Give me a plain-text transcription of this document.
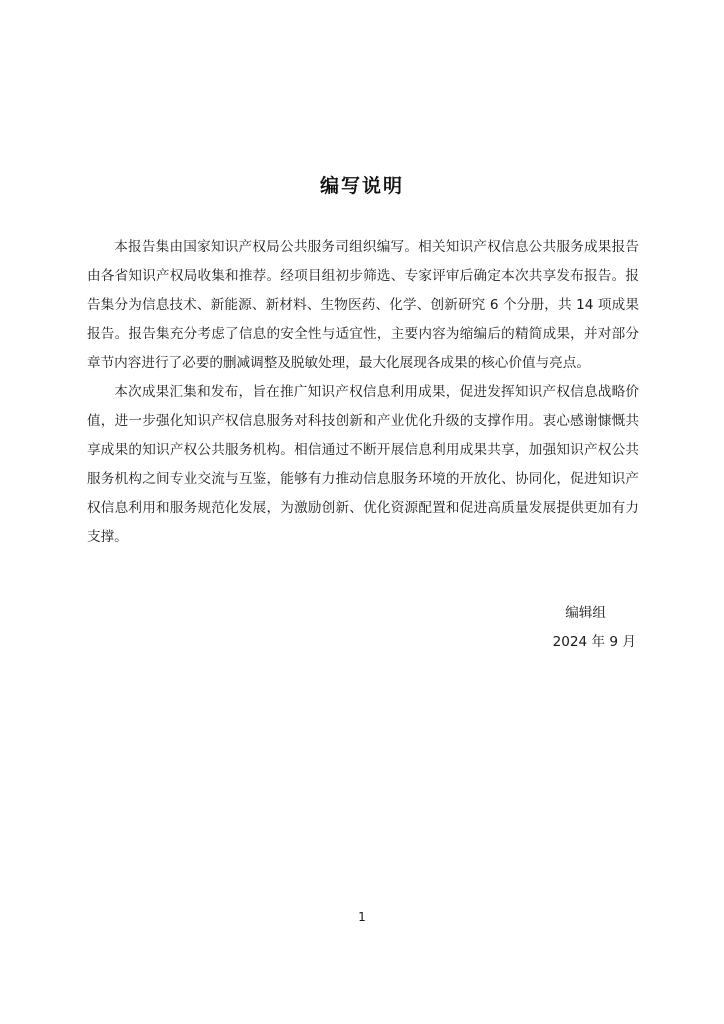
编写说明

本报告集由国家知识产权局公共服务司组织编写。相关知识产权信息公共服务成果报告由各省知识产权局收集和推荐。经项目组初步筛选、专家评审后确定本次共享发布报告。报告集分为信息技术、新能源、新材料、生物医药、化学、创新研究 6 个分册，共 14 项成果报告。报告集充分考虑了信息的安全性与适宜性，主要内容为缩编后的精简成果，并对部分章节内容进行了必要的删减调整及脱敏处理，最大化展现各成果的核心价值与亮点。

本次成果汇集和发布，旨在推广知识产权信息利用成果，促进发挥知识产权信息战略价值，进一步强化知识产权信息服务对科技创新和产业优化升级的支撑作用。衷心感谢慷慨共享成果的知识产权公共服务机构。相信通过不断开展信息利用成果共享，加强知识产权公共服务机构之间专业交流与互鉴，能够有力推动信息服务环境的开放化、协同化，促进知识产权信息利用和服务规范化发展，为激励创新、优化资源配置和促进高质量发展提供更加有力支撑。

编辑组
2024 年 9 月
1
